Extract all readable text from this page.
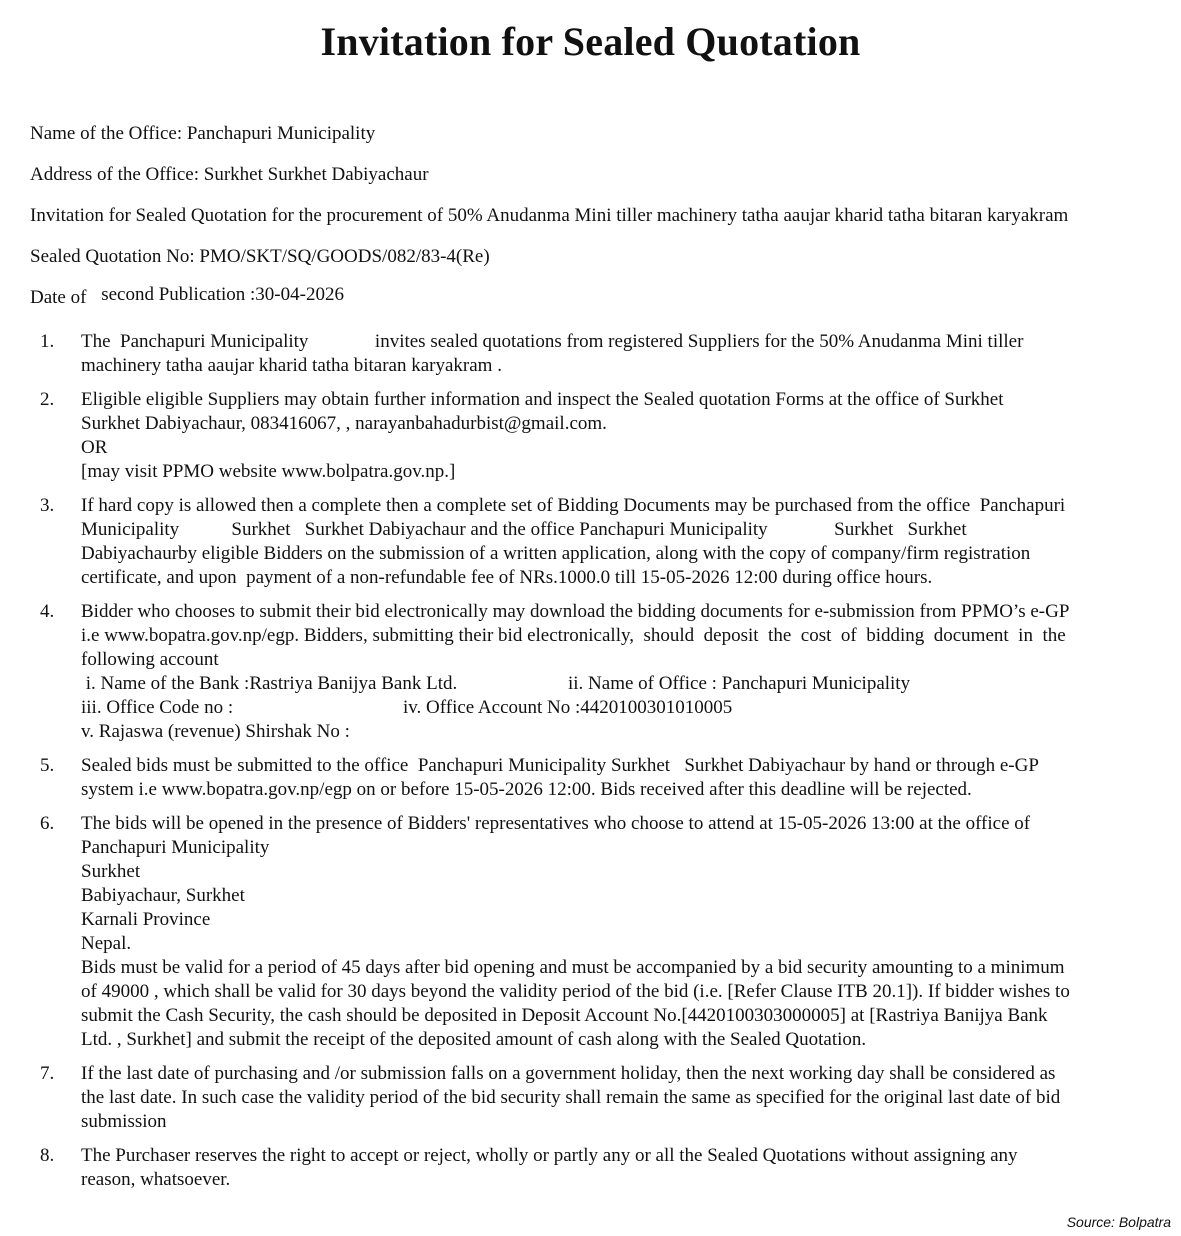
Invitation for Sealed Quotation
Name of the Office: Panchapuri Municipality
Address of the Office: Surkhet Surkhet Dabiyachaur
Invitation for Sealed Quotation for the procurement of 50% Anudanma Mini tiller machinery tatha aaujar kharid tatha bitaran karyakram
Sealed Quotation No: PMO/SKT/SQ/GOODS/082/83-4(Re)
Date of second Publication :30-04-2026
1. The  Panchapuri Municipality              invites sealed quotations from registered Suppliers for the 50% Anudanma Mini tiller
machinery tatha aaujar kharid tatha bitaran karyakram .
2. Eligible eligible Suppliers may obtain further information and inspect the Sealed quotation Forms at the office of Surkhet
Surkhet Dabiyachaur, 083416067, , narayanbahadurbist@gmail.com.
OR
[may visit PPMO website www.bolpatra.gov.np.]
3. If hard copy is allowed then a complete then a complete set of Bidding Documents may be purchased from the office  Panchapuri
Municipality           Surkhet   Surkhet Dabiyachaur and the office Panchapuri Municipality              Surkhet   Surkhet
Dabiyachaurby eligible Bidders on the submission of a written application, along with the copy of company/firm registration
certificate, and upon  payment of a non-refundable fee of NRs.1000.0 till 15-05-2026 12:00 during office hours.
4. Bidder who chooses to submit their bid electronically may download the bidding documents for e-submission from PPMO’s e-GP
i.e www.bopatra.gov.np/egp. Bidders, submitting their bid electronically,  should  deposit  the  cost  of  bidding  document  in  the
following account
i. Name of the Bank :Rastriya Banijya Bank Ltd.	ii. Name of Office : Panchapuri Municipality
iii. Office Code no :	iv. Office Account No :4420100301010005
v. Rajaswa (revenue) Shirshak No :
5. Sealed bids must be submitted to the office  Panchapuri Municipality Surkhet   Surkhet Dabiyachaur by hand or through e-GP
system i.e www.bopatra.gov.np/egp on or before 15-05-2026 12:00. Bids received after this deadline will be rejected.
6. The bids will be opened in the presence of Bidders' representatives who choose to attend at 15-05-2026 13:00 at the office of
Panchapuri Municipality
Surkhet
Babiyachaur, Surkhet
Karnali Province
Nepal.
Bids must be valid for a period of 45 days after bid opening and must be accompanied by a bid security amounting to a minimum
of 49000 , which shall be valid for 30 days beyond the validity period of the bid (i.e. [Refer Clause ITB 20.1]). If bidder wishes to
submit the Cash Security, the cash should be deposited in Deposit Account No.[4420100303000005] at [Rastriya Banijya Bank
Ltd. , Surkhet] and submit the receipt of the deposited amount of cash along with the Sealed Quotation.
7. If the last date of purchasing and /or submission falls on a government holiday, then the next working day shall be considered as
the last date. In such case the validity period of the bid security shall remain the same as specified for the original last date of bid
submission
8. The Purchaser reserves the right to accept or reject, wholly or partly any or all the Sealed Quotations without assigning any
reason, whatsoever.
Source: Bolpatra
